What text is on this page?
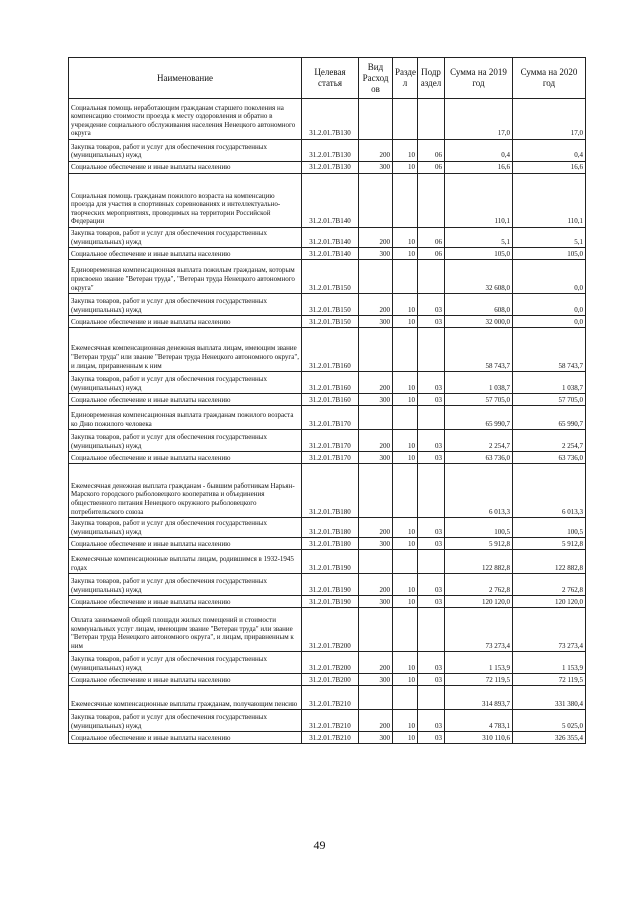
Наименование	Целевая статья	Вид Расход ов	Разде л	Подр аздел	Сумма на 2019 год	Сумма на 2020 год
Социальная помощь неработающим гражданам старшего поколения на компенсацию стоимости проезда к месту оздоровления и обратно в учреждение социального обслуживания населения Ненецкого автономного округа	31.2.01.7В130				17,0	17,0
Закупка товаров, работ и услуг для обеспечения государственных (муниципальных) нужд	31.2.01.7В130	200	10	06	0,4	0,4
Социальное обеспечение и иные выплаты населению	31.2.01.7В130	300	10	06	16,6	16,6
Социальная помощь гражданам пожилого возраста на компенсацию проезда для участия в спортивных соревнованиях и интеллектуально-творческих мероприятиях, проводимых на территории Российской Федерации	31.2.01.7В140				110,1	110,1
Закупка товаров, работ и услуг для обеспечения государственных (муниципальных) нужд	31.2.01.7В140	200	10	06	5,1	5,1
Социальное обеспечение и иные выплаты населению	31.2.01.7В140	300	10	06	105,0	105,0
Единовременная компенсационная выплата пожилым гражданам, которым присвоено звание "Ветеран труда", "Ветеран труда Ненецкого автономного округа"	31.2.01.7В150				32 608,0	0,0
Закупка товаров, работ и услуг для обеспечения государственных (муниципальных) нужд	31.2.01.7В150	200	10	03	608,0	0,0
Социальное обеспечение и иные выплаты населению	31.2.01.7В150	300	10	03	32 000,0	0,0
Ежемесячная компенсационная денежная выплата лицам, имеющим звание "Ветеран труда" или звание "Ветеран труда Ненецкого автономного округа", и лицам, приравненным к ним	31.2.01.7В160				58 743,7	58 743,7
Закупка товаров, работ и услуг для обеспечения государственных (муниципальных) нужд	31.2.01.7В160	200	10	03	1 038,7	1 038,7
Социальное обеспечение и иные выплаты населению	31.2.01.7В160	300	10	03	57 705,0	57 705,0
Единовременная компенсационная выплата гражданам пожилого возраста ко Дню пожилого человека	31.2.01.7В170				65 990,7	65 990,7
Закупка товаров, работ и услуг для обеспечения государственных (муниципальных) нужд	31.2.01.7В170	200	10	03	2 254,7	2 254,7
Социальное обеспечение и иные выплаты населению	31.2.01.7В170	300	10	03	63 736,0	63 736,0
Ежемесячная денежная выплата гражданам - бывшим работникам Нарьян-Марского городского рыболовецкого кооператива и объединения общественного питания Ненецкого окружного рыболовецкого потребительского союза	31.2.01.7В180				6 013,3	6 013,3
Закупка товаров, работ и услуг для обеспечения государственных (муниципальных) нужд	31.2.01.7В180	200	10	03	100,5	100,5
Социальное обеспечение и иные выплаты населению	31.2.01.7В180	300	10	03	5 912,8	5 912,8
Ежемесячные компенсационные выплаты лицам, родившимся в 1932-1945 годах	31.2.01.7В190				122 882,8	122 882,8
Закупка товаров, работ и услуг для обеспечения государственных (муниципальных) нужд	31.2.01.7В190	200	10	03	2 762,8	2 762,8
Социальное обеспечение и иные выплаты населению	31.2.01.7В190	300	10	03	120 120,0	120 120,0
Оплата занимаемой общей площади жилых помещений и стоимости коммунальных услуг лицам, имеющим звание "Ветеран труда" или звание "Ветеран труда Ненецкого автономного округа", и лицам, приравненным к ним	31.2.01.7В200				73 273,4	73 273,4
Закупка товаров, работ и услуг для обеспечения государственных (муниципальных) нужд	31.2.01.7В200	200	10	03	1 153,9	1 153,9
Социальное обеспечение и иные выплаты населению	31.2.01.7В200	300	10	03	72 119,5	72 119,5
Ежемесячные компенсационные выплаты гражданам, получающим пенсию	31.2.01.7В210				314 893,7	331 380,4
Закупка товаров, работ и услуг для обеспечения государственных (муниципальных) нужд	31.2.01.7В210	200	10	03	4 783,1	5 025,0
Социальное обеспечение и иные выплаты населению	31.2.01.7В210	300	10	03	310 110,6	326 355,4
49
